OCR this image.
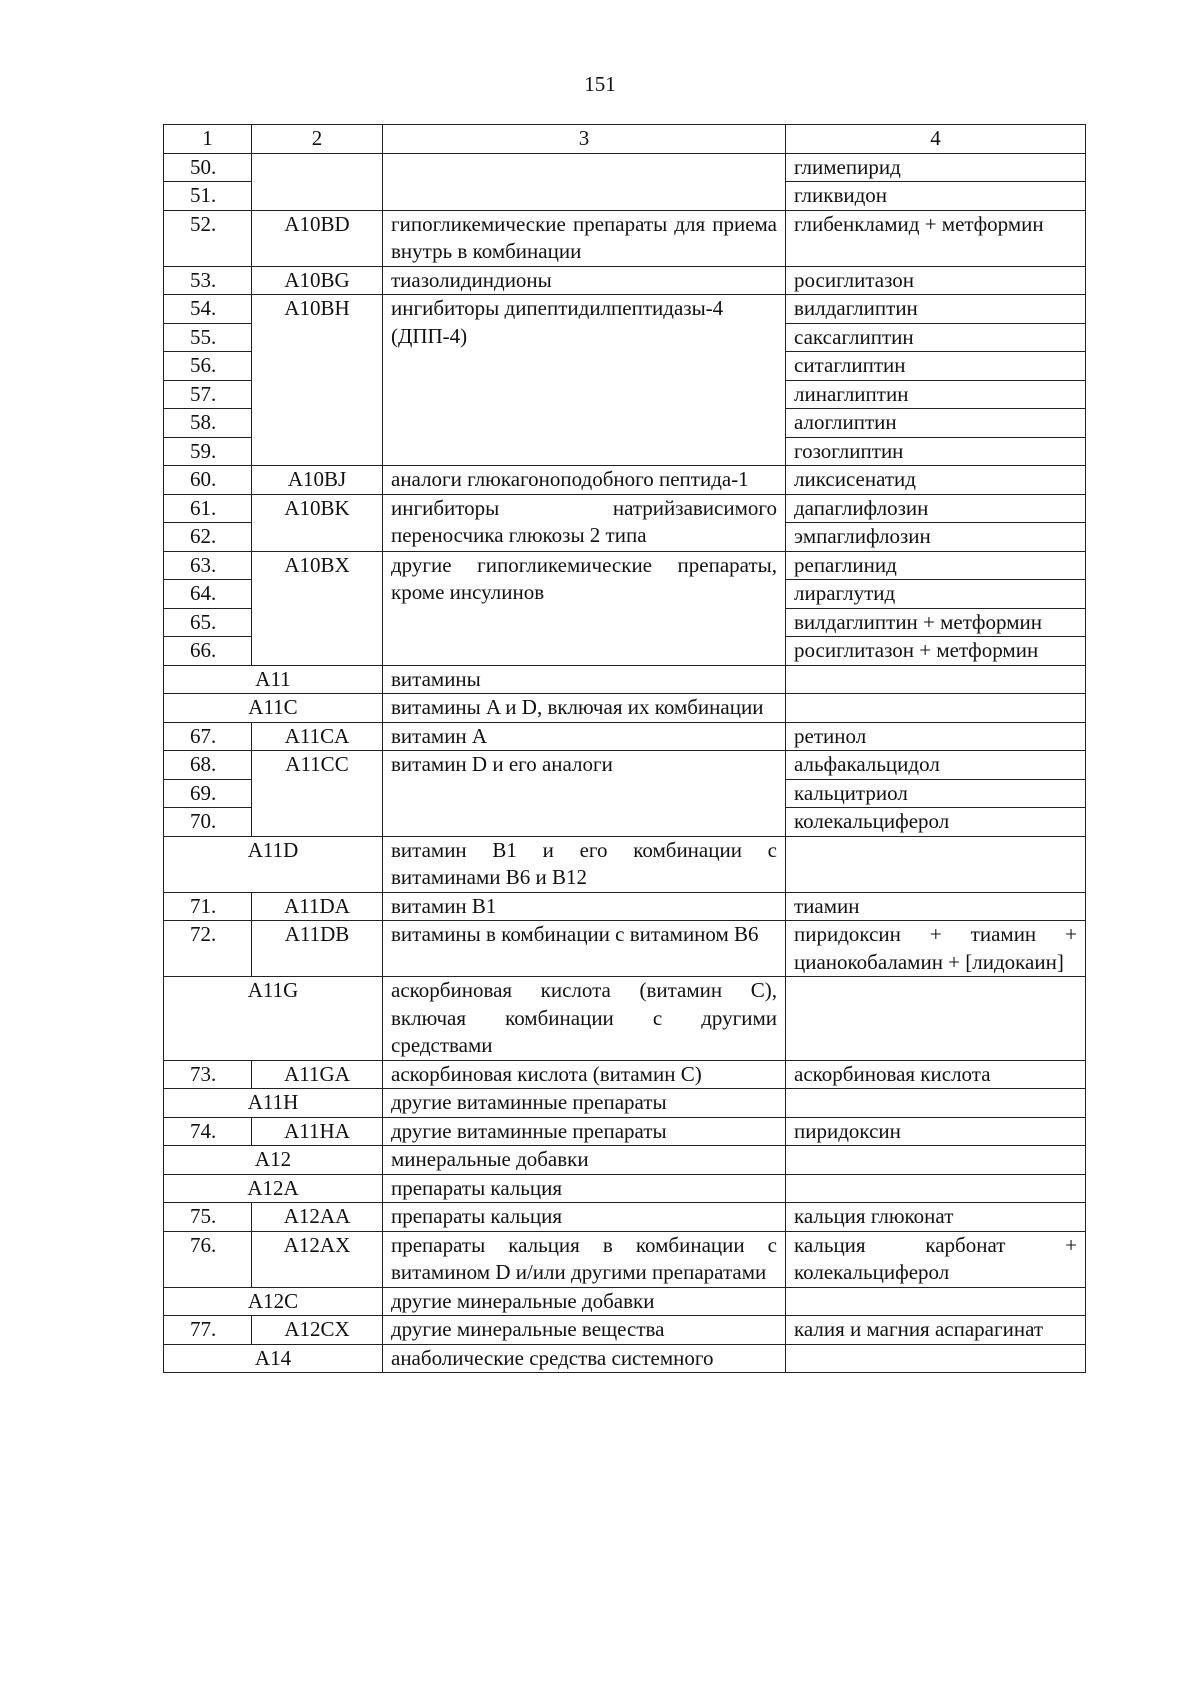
151
1	2	3	4
50.			глимепирид
51.			гликвидон
52.	A10BD	гипогликемические препараты для приема внутрь в комбинации	глибенкламид + метформин
53.	A10BG	тиазолидиндионы	росиглитазон
54.	A10BH	ингибиторы дипептидилпептидазы-4 (ДПП-4)	вилдаглиптин
55.			саксаглиптин
56.			ситаглиптин
57.			линаглиптин
58.			алоглиптин
59.			гозоглиптин
60.	A10BJ	аналоги глюкагоноподобного пептида-1	ликсисенатид
61.	A10BK	ингибиторы натрийзависимого переносчика глюкозы 2 типа	дапаглифлозин
62.			эмпаглифлозин
63.	A10BX	другие гипогликемические препараты, кроме инсулинов	репаглинид
64.			лираглутид
65.			вилдаглиптин + метформин
66.			росиглитазон + метформин
A11		витамины	
A11C		витамины A и D, включая их комбинации	
67.	A11CA	витамин A	ретинол
68.	A11CC	витамин D и его аналоги	альфакальцидол
69.			кальцитриол
70.			колекальциферол
A11D		витамин B1 и его комбинации с витаминами B6 и B12	
71.	A11DA	витамин B1	тиамин
72.	A11DB	витамины в комбинации с витамином B6	пиридоксин + тиамин + цианокобаламин + [лидокаин]
A11G		аскорбиновая кислота (витамин C), включая комбинации с другими средствами	
73.	A11GA	аскорбиновая кислота (витамин C)	аскорбиновая кислота
A11H		другие витаминные препараты	
74.	A11HA	другие витаминные препараты	пиридоксин
A12		минеральные добавки	
A12A		препараты кальция	
75.	A12AA	препараты кальция	кальция глюконат
76.	A12AX	препараты кальция в комбинации с витамином D и/или другими препаратами	кальция карбонат + колекальциферол
A12C		другие минеральные добавки	
77.	A12CX	другие минеральные вещества	калия и магния аспарагинат
A14		анаболические средства системного	
